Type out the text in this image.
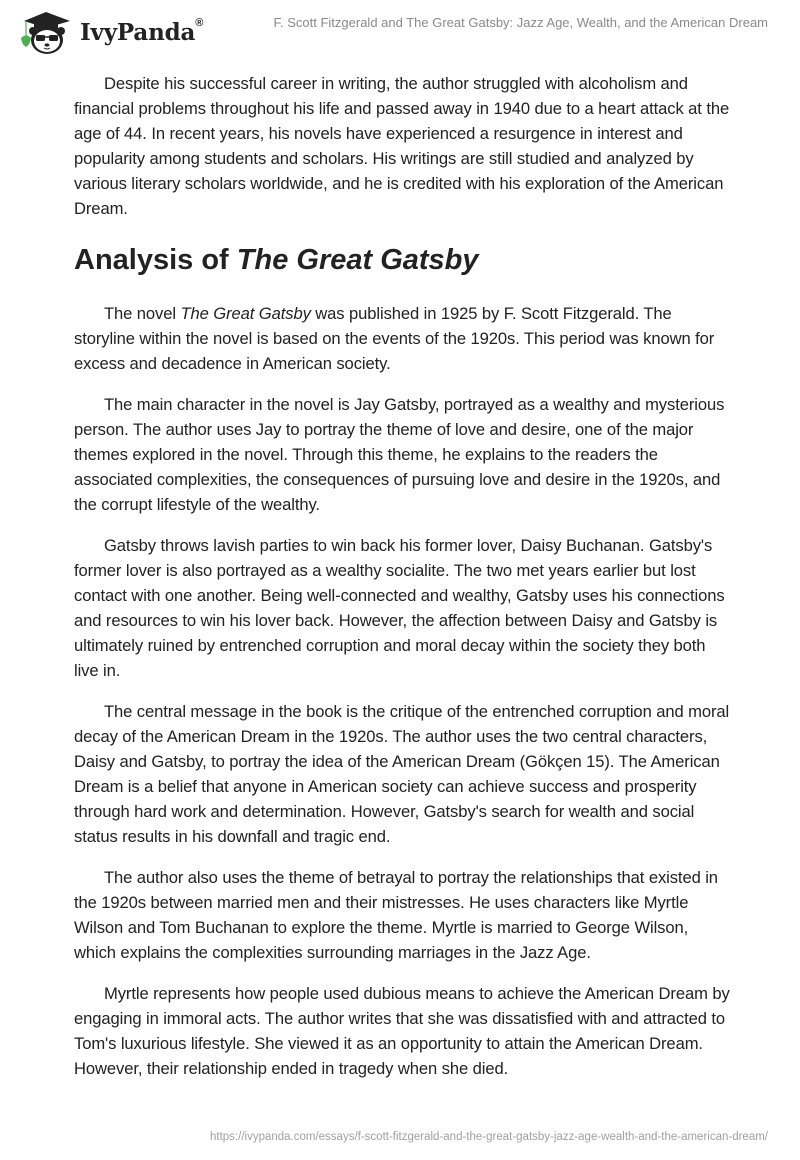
IvyPanda®	F. Scott Fitzgerald and The Great Gatsby: Jazz Age, Wealth, and the American Dream

Despite his successful career in writing, the author struggled with alcoholism and financial problems throughout his life and passed away in 1940 due to a heart attack at the age of 44. In recent years, his novels have experienced a resurgence in interest and popularity among students and scholars. His writings are still studied and analyzed by various literary scholars worldwide, and he is credited with his exploration of the American Dream.

Analysis of The Great Gatsby

The novel The Great Gatsby was published in 1925 by F. Scott Fitzgerald. The storyline within the novel is based on the events of the 1920s. This period was known for excess and decadence in American society.

The main character in the novel is Jay Gatsby, portrayed as a wealthy and mysterious person. The author uses Jay to portray the theme of love and desire, one of the major themes explored in the novel. Through this theme, he explains to the readers the associated complexities, the consequences of pursuing love and desire in the 1920s, and the corrupt lifestyle of the wealthy.

Gatsby throws lavish parties to win back his former lover, Daisy Buchanan. Gatsby's former lover is also portrayed as a wealthy socialite. The two met years earlier but lost contact with one another. Being well-connected and wealthy, Gatsby uses his connections and resources to win his lover back. However, the affection between Daisy and Gatsby is ultimately ruined by entrenched corruption and moral decay within the society they both live in.

The central message in the book is the critique of the entrenched corruption and moral decay of the American Dream in the 1920s. The author uses the two central characters, Daisy and Gatsby, to portray the idea of the American Dream (Gökçen 15). The American Dream is a belief that anyone in American society can achieve success and prosperity through hard work and determination. However, Gatsby's search for wealth and social status results in his downfall and tragic end.

The author also uses the theme of betrayal to portray the relationships that existed in the 1920s between married men and their mistresses. He uses characters like Myrtle Wilson and Tom Buchanan to explore the theme. Myrtle is married to George Wilson, which explains the complexities surrounding marriages in the Jazz Age.

Myrtle represents how people used dubious means to achieve the American Dream by engaging in immoral acts. The author writes that she was dissatisfied with and attracted to Tom's luxurious lifestyle. She viewed it as an opportunity to attain the American Dream. However, their relationship ended in tragedy when she died.

https://ivypanda.com/essays/f-scott-fitzgerald-and-the-great-gatsby-jazz-age-wealth-and-the-american-dream/
